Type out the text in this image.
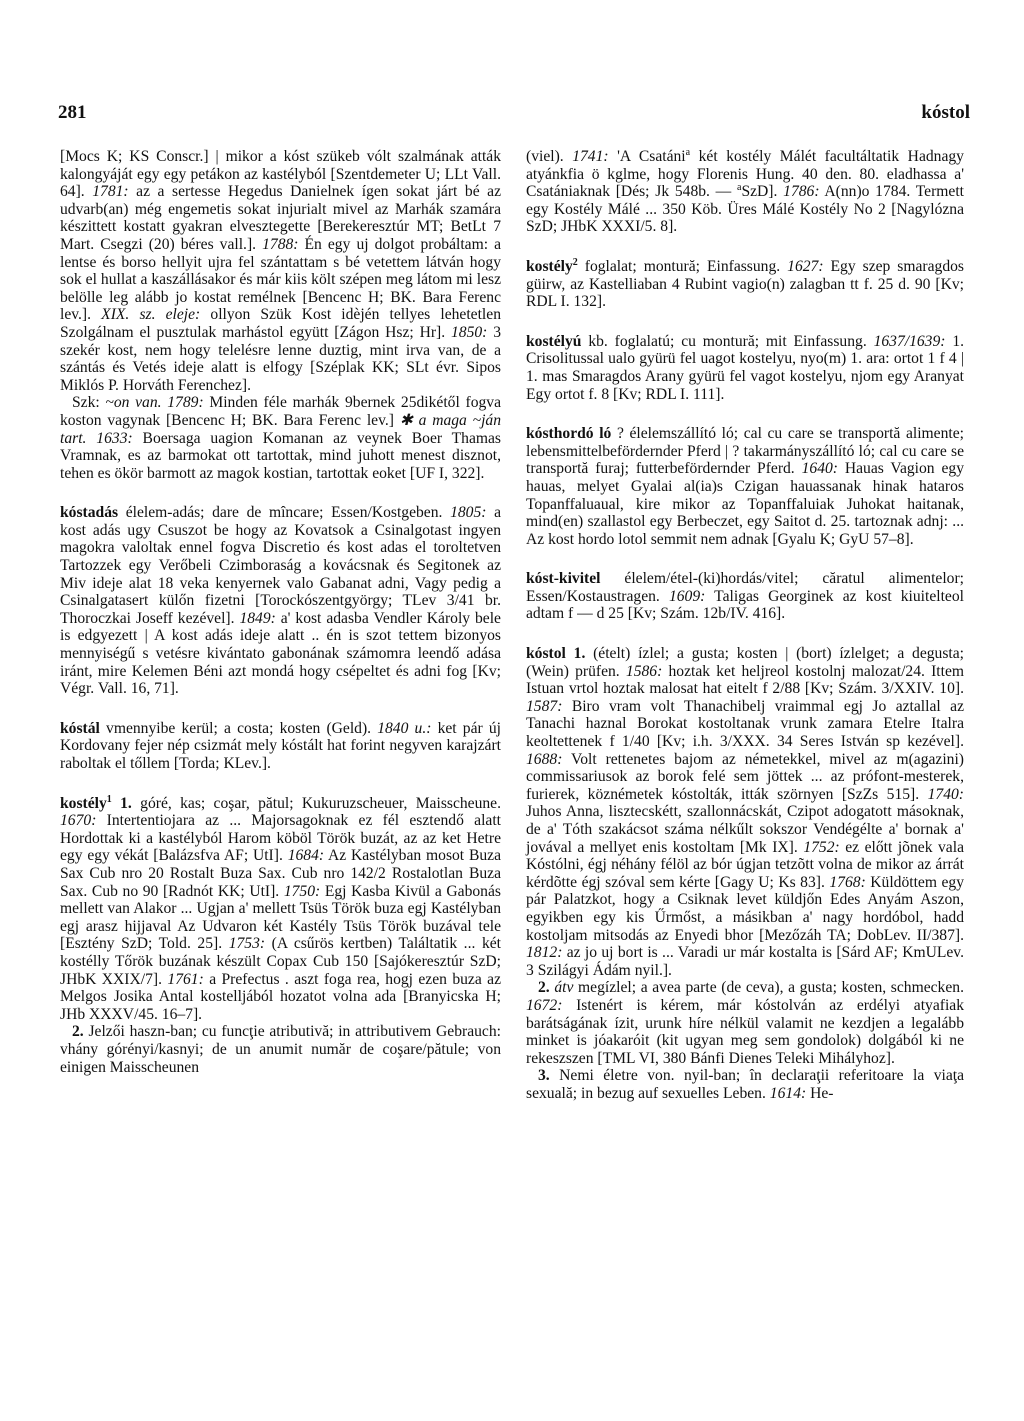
281	kóstol
[Mocs K; KS Conscr.] | mikor a kóst szükeb vólt szalmának atták kalongyáját egy egy petákon az kastélyból [Szentdemeter U; LLt Vall. 64]. 1781: az a sertesse Hegedus Danielnek ígen sokat járt bé az udvarb(an) még engemetis sokat injurialt mivel az Marhák szamára készittett kostatt gyakran elvesztegette [Berekeresztúr MT; BetLt 7 Mart. Csegzi (20) béres vall.]. 1788: Én egy uj dolgot probáltam: a lentse és borso hellyit ujra fel szántattam s bé vetettem látván hogy sok el hullat a kaszállásakor és már kiis költ szépen meg látom mi lesz belölle leg alább jo kostat remélnek [Bencenc H; BK. Bara Ferenc lev.]. XIX. sz. eleje: ollyon Szük Kost idèjén tellyes lehetetlen Szolgálnam el pusztulak marhástol együtt [Zágon Hsz; Hr]. 1850: 3 szekér kost, nem hogy telelésre lenne duztig, mint irva van, de a szántás és Vetés ideje alatt is elfogy [Széplak KK; SLt évr. Sipos Miklós P. Horváth Ferenchez].
Szk: ~on van. 1789: Minden féle marhák 9bernek 25dikétől fogva koston vagynak [Bencenc H; BK. Bara Ferenc lev.] ✱ a maga ~ján tart. 1633: Boersaga uagion Komanan az veynek Boer Thamas Vramnak, es az barmokat ott tartottak, mind juhott menest disznot, tehen es ökör barmott az magok kostian, tartottak eoket [UF I, 322].
kóstadás élelem-adás; dare de mîncare; Essen/Kostgeben. 1805: a kost adás ugy Csuszot be hogy az Kovatsok a Csinalgotast ingyen magokra valoltak ennel fogva Discretio és kost adas el toroltetven Tartozzek egy Verőbeli Czimboraság a kovácsnak és Segitonek az Miv ideje alat 18 veka kenyernek valo Gabanat adni, Vagy pedig a Csinalgatasert külőn fizetni [Torockószentgyörgy; TLev 3/41 br. Thoroczkai Joseff kezével]. 1849: a' kost adasba Vendler Károly bele is edgyezett | A kost adás ideje alatt .. én is szot tettem bizonyos mennyiségű s vetésre kivántato gabonának számomra leendő adása iránt, mire Kelemen Béni azt mondá hogy csépeltet és adni fog [Kv; Végr. Vall. 16, 71].
kóstál vmennyibe kerül; a costa; kosten (Geld). 1840 u.: ket pár új Kordovany fejer nép csizmát mely kóstált hat forint negyven karajzárt raboltak el tőllem [Torda; KLev.].
kostély$^1$ 1. góré, kas; coşar, pătul; Kukuruzscheuer, Maisscheune. 1670: Intertentiojara az ... Majorsagoknak ez fél esztendő alatt Hordottak ki a kastélyból Harom köböl Török buzát, az az ket Hetre egy egy vékát [Balázsfva AF; UtI]. 1684: Az Kastélyban mosot Buza Sax Cub nro 20 Rostalt Buza Sax. Cub nro 142/2 Rostalotlan Buza Sax. Cub no 90 [Radnót KK; UtI]. 1750: Egj Kasba Kivül a Gabonás mellett van Alakor ... Ugjan a' mellett Tsüs Török buza egj Kastélyban egj arasz hijjaval Az Udvaron két Kastély Tsüs Török buzával tele [Esztény SzD; Told. 25]. 1753: (A csűrös kertben) Találtatik ... két kostélly Tőrök buzának készült Copax Cub 150 [Sajókeresztúr SzD; JHbK XXIX/7]. 1761: a Prefectus . aszt foga rea, hogj ezen buza az Melgos Josika Antal kostelljából hozatot volna ada [Branyicska H; JHb XXXV/45. 16–7].
2. Jelzői haszn-ban; cu funcţie atributivă; in attributivem Gebrauch: vhány górényi/kasnyi; de un anumit număr de coşare/pătule; von einigen Maisscheunen
(viel). 1741: 'A Csatáni$^a$ két kostély Málét facultáltatik Hadnagy atyánkfia ö kglme, hogy Florenis Hung. 40 den. 80. eladhassa a' Csatániaknak [Dés; Jk 548b. — $^a$SzD]. 1786: A(nn)o 1784. Termett egy Kostély Málé ... 350 Köb. Üres Málé Kostély No 2 [Nagylózna SzD; JHbK XXXI/5. 8].
kostély$^2$ foglalat; montură; Einfassung. 1627: Egy szep smaragdos güirw, az Kastelliaban 4 Rubint vagio(n) zalagban tt f. 25 d. 90 [Kv; RDL I. 132].
kostélyú kb. foglalatú; cu montură; mit Einfassung. 1637/1639: 1. Crisolitussal ualo gyürü fel uagot kostelyu, nyo(m) 1. ara: ortot 1 f 4 | 1. mas Smaragdos Arany gyürü fel vagot kostelyu, njom egy Aranyat Egy ortot f. 8 [Kv; RDL I. 111].
kósthordó ló ? élelemszállító ló; cal cu care se transportă alimente; lebensmittelbefördernder Pferd | ? takarmányszállító ló; cal cu care se transportă furaj; futterbefördernder Pferd. 1640: Hauas Vagion egy hauas, melyet Gyalai al(ia)s Czigan hauassanak hinak hataros Topanffaluaual, kire mikor az Topanffaluiak Juhokat haitanak, mind(en) szallastol egy Berbeczet, egy Saitot d. 25. tartoznak adnj: ... Az kost hordo lotol semmit nem adnak [Gyalu K; GyU 57–8].
kóst-kivitel élelem/étel-(ki)hordás/vitel; căratul alimentelor; Essen/Kostaustragen. 1609: Taligas Georginek az kost kiuitelteol adtam f — d 25 [Kv; Szám. 12b/IV. 416].
kóstol 1. (ételt) ízlel; a gusta; kosten | (bort) ízlelget; a degusta; (Wein) prüfen. 1586: hoztak ket heljreol kostolnj malozat/24. Ittem Istuan vrtol hoztak malosat hat eitelt f 2/88 [Kv; Szám. 3/XXIV. 10]. 1587: Biro vram volt Thanachibelj vraimmal egj Jo aztallal az Tanachi haznal Borokat kostoltanak vrunk zamara Etelre Italra keoltettenek f 1/40 [Kv; i.h. 3/XXX. 34 Seres István sp kezével]. 1688: Volt rettenetes bajom az németekkel, mivel az m(agazini) commissariusok az borok felé sem jöttek ... az prófont-mesterek, furierek, köznémetek kóstolták, itták szörnyen [SzZs 515]. 1740: Juhos Anna, lisztecskétt, szallonnácskát, Czipot adogatott másoknak, de a' Tóth szakácsot száma nélkűlt sokszor Vendégélte a' bornak a' jovával a mellyet enis kostoltam [Mk IX]. 1752: ez előtt jõnek vala Kóstólni, égj néhány félöl az bór úgjan tetzõtt volna de mikor az árrát kérdõtte égj szóval sem kérte [Gagy U; Ks 83]. 1768: Küldöttem egy pár Palatzkot, hogy a Csiknak levet küldjőn Edes Anyám Aszon, egyikben egy kis Űrmőst, a másikban a' nagy hordóbol, hadd kostoljam mitsodás az Enyedi bhor [Mezőzáh TA; DobLev. II/387]. 1812: az jo uj bort is ... Varadi ur már kostalta is [Sárd AF; KmULev. 3 Szilágyi Ádám nyil.].
2. átv megízlel; a avea parte (de ceva), a gusta; kosten, schmecken. 1672: Istenért is kérem, már kóstolván az erdélyi atyafiak barátságának ízit, urunk híre nélkül valamit ne kezdjen a legalább minket is jóakaróit (kit ugyan meg sem gondolok) dolgából ki ne rekeszszen [TML VI, 380 Bánfi Dienes Teleki Mihályhoz].
3. Nemi életre von. nyil-ban; în declaraţii referitoare la viaţa sexuală; in bezug auf sexuelles Leben. 1614: He-
